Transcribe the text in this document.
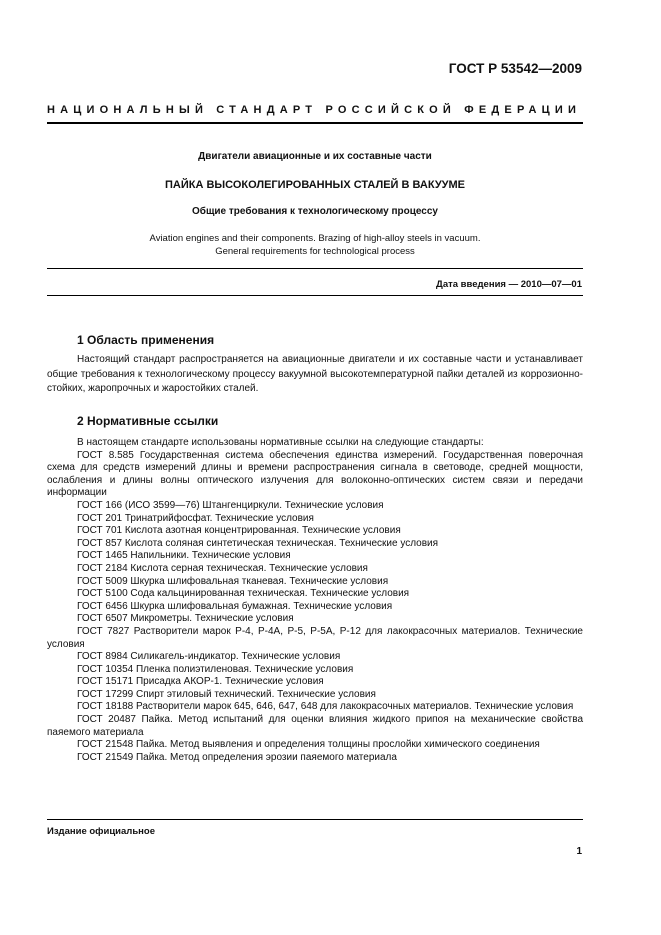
ГОСТ Р 53542—2009
НАЦИОНАЛЬНЫЙ СТАНДАРТ РОССИЙСКОЙ ФЕДЕРАЦИИ
Двигатели авиационные и их составные части
ПАЙКА ВЫСОКОЛЕГИРОВАННЫХ СТАЛЕЙ В ВАКУУМЕ
Общие требования к технологическому процессу
Aviation engines and their components. Brazing of high-alloy steels in vacuum.
General requirements for technological process
Дата введения — 2010—07—01
1 Область применения

Настоящий стандарт распространяется на авиационные двигатели и их составные части и устанавливает общие требования к технологическому процессу вакуумной высокотемпературной пайки деталей из коррозионно-стойких, жаропрочных и жаростойких сталей.

2 Нормативные ссылки

В настоящем стандарте использованы нормативные ссылки на следующие стандарты:

ГОСТ 8.585 Государственная система обеспечения единства измерений. Государственная поверочная схема для средств измерений длины и времени распространения сигнала в световоде, средней мощности, ослабления и длины волны оптического излучения для волоконно-оптических систем связи и передачи информации

ГОСТ 166 (ИСО 3599—76) Штангенциркули. Технические условия

ГОСТ 201 Тринатрийфосфат. Технические условия

ГОСТ 701 Кислота азотная концентрированная. Технические условия

ГОСТ 857 Кислота соляная синтетическая техническая. Технические условия

ГОСТ 1465 Напильники. Технические условия

ГОСТ 2184 Кислота серная техническая. Технические условия

ГОСТ 5009 Шкурка шлифовальная тканевая. Технические условия

ГОСТ 5100 Сода кальцинированная техническая. Технические условия

ГОСТ 6456 Шкурка шлифовальная бумажная. Технические условия

ГОСТ 6507 Микрометры. Технические условия

ГОСТ 7827 Растворители марок Р-4, Р-4А, Р-5, Р-5А, Р-12 для лакокрасочных материалов. Технические условия

ГОСТ 8984 Силикагель-индикатор. Технические условия

ГОСТ 10354 Пленка полиэтиленовая. Технические условия

ГОСТ 15171 Присадка АКОР-1. Технические условия

ГОСТ 17299 Спирт этиловый технический. Технические условия

ГОСТ 18188 Растворители марок 645, 646, 647, 648 для лакокрасочных материалов. Технические условия

ГОСТ 20487 Пайка. Метод испытаний для оценки влияния жидкого припоя на механические свойства паяемого материала

ГОСТ 21548 Пайка. Метод выявления и определения толщины прослойки химического соединения

ГОСТ 21549 Пайка. Метод определения эрозии паяемого материала

Издание официальное
1
